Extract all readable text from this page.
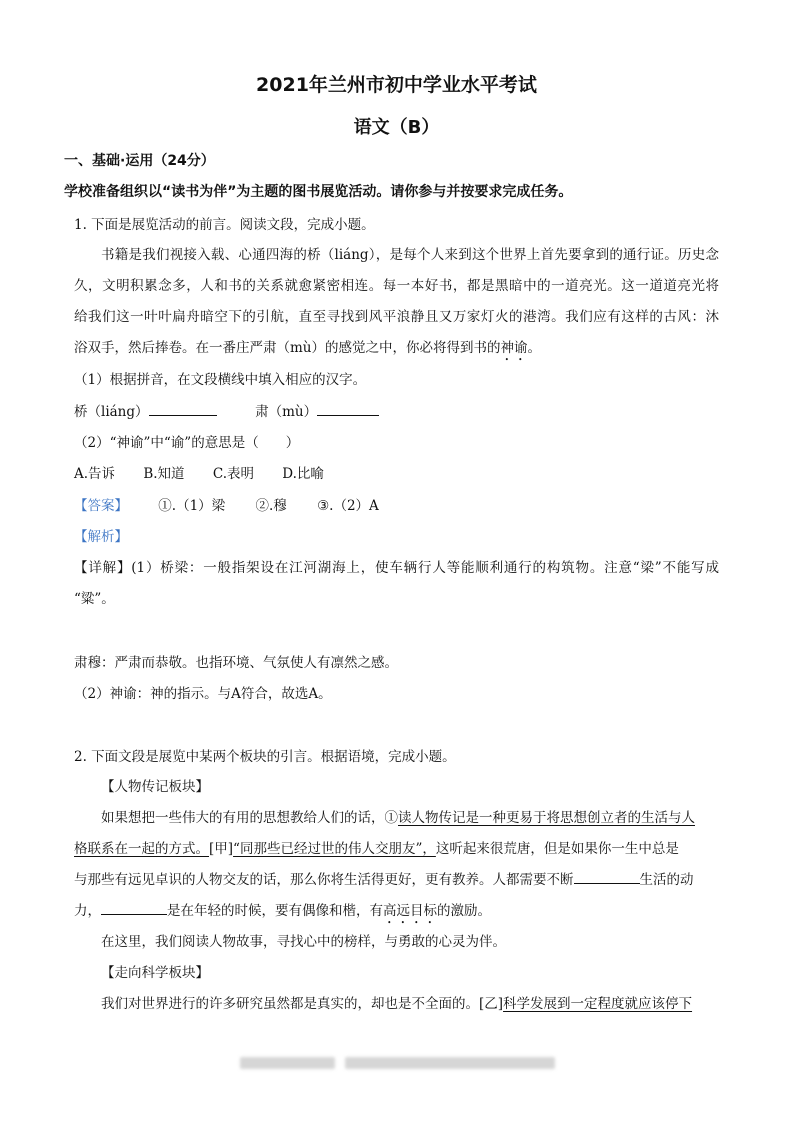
2021年兰州市初中学业水平考试
语文（B）
一、基础·运用（24分）
学校准备组织以“读书为伴”为主题的图书展览活动。请你参与并按要求完成任务。
1. 下面是展览活动的前言。阅读文段，完成小题。
书籍是我们视接入载、心通四海的桥（liáng），是每个人来到这个世界上首先要拿到的通行证。历史念
久，文明积累念多，人和书的关系就愈紧密相连。每一本好书，都是黑暗中的一道亮光。这一道道亮光将
给我们这一叶叶扁舟暗空下的引航，直至寻找到风平浪静且又万家灯火的港湾。我们应有这样的古风：沐
浴双手，然后捧卷。在一番庄严肃（mù）的感觉之中，你必将得到书的神谕。
（1）根据拼音，在文段横线中填入相应的汉字。
桥（liáng）	肃（mù）
（2）“神谕”中“谕”的意思是（　　）
A.告诉 B.知道 C.表明 D.比喻
【答案】 ①.（1）梁 ②.穆 ③.（2）A
【解析】
【详解】(1）桥梁：一般指架设在江河湖海上，使车辆行人等能顺利通行的构筑物。注意“梁”不能写成
“粱”。
肃穆：严肃而恭敬。也指环境、气氛使人有凛然之感。
（2）神谕：神的指示。与A符合，故选A。
2. 下面文段是展览中某两个板块的引言。根据语境，完成小题。
【人物传记板块】
如果想把一些伟大的有用的思想教给人们的话，①读人物传记是一种更易于将思想创立者的生活与人
格联系在一起的方式。[甲]“同那些已经过世的伟人交朋友”，这听起来很荒唐，但是如果你一生中总是
与那些有远见卓识的人物交友的话，那么你将生活得更好，更有教养。人都需要不断	生活的动
力，	是在年轻的时候，要有偶像和楷，有高远目标的激励。
在这里，我们阅读人物故事，寻找心中的榜样，与勇敢的心灵为伴。
【走向科学板块】
我们对世界进行的许多研究虽然都是真实的，却也是不全面的。[乙]科学发展到一定程度就应该停下
